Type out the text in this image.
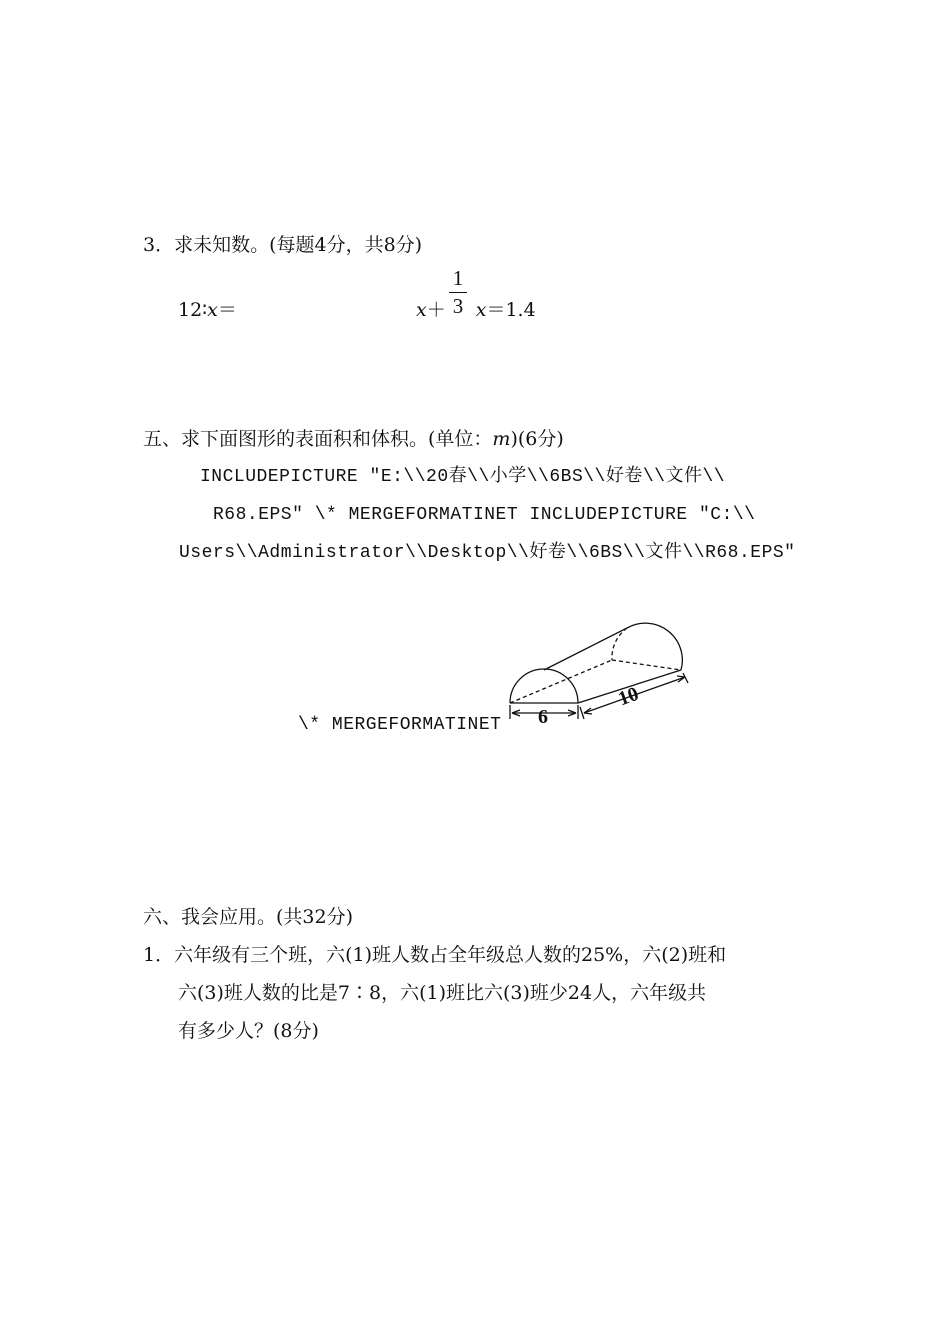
3．求未知数。(每题4分，共8分)
12∶x＝	x＋ x＝1.4
1
3
五、求下面图形的表面积和体积。(单位：m)(6分)
INCLUDEPICTURE "E:\\20春\\小学\\6BS\\好卷\\文件\\
R68.EPS" \* MERGEFORMATINET INCLUDEPICTURE "C:\\
Users\\Administrator\\Desktop\\好卷\\6BS\\文件\\R68.EPS"
\* MERGEFORMATINET 6
10
六、我会应用。(共32分)
1．六年级有三个班，六(1)班人数占全年级总人数的25%，六(2)班和
六(3)班人数的比是7∶8，六(1)班比六(3)班少24人，六年级共
有多少人？(8分)
